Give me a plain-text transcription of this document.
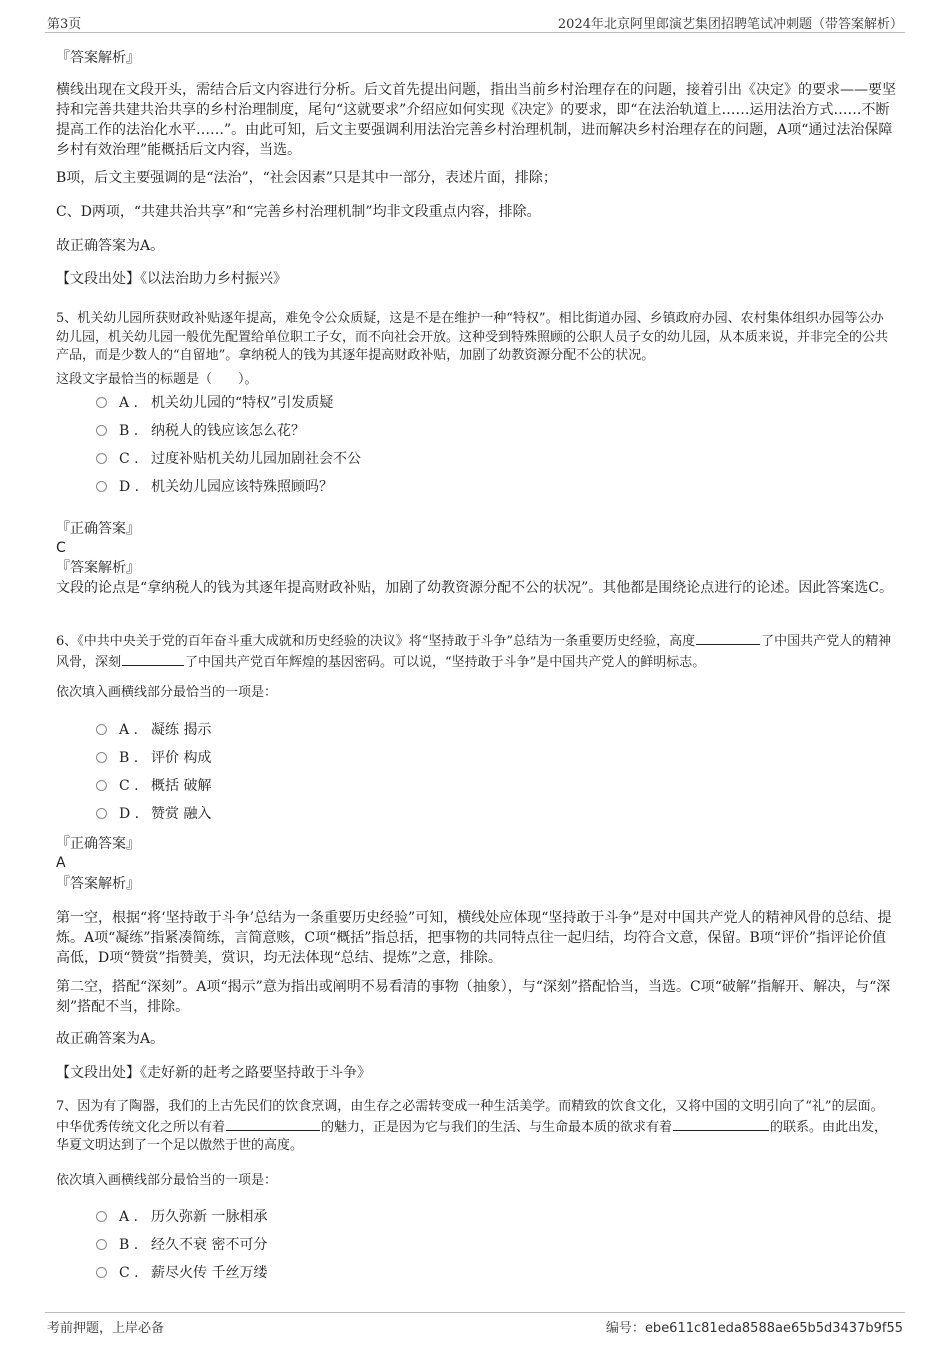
第3页	2024年北京阿里郎演艺集团招聘笔试冲刺题（带答案解析）
『答案解析』
横线出现在文段开头，需结合后文内容进行分析。后文首先提出问题，指出当前乡村治理存在的问题，接着引出《决定》的要求——要坚持和完善共建共治共享的乡村治理制度，尾句“这就要求”介绍应如何实现《决定》的要求，即“在法治轨道上……运用法治方式……不断提高工作的法治化水平……”。由此可知，后文主要强调利用法治完善乡村治理机制，进而解决乡村治理存在的问题，A项“通过法治保障乡村有效治理”能概括后文内容，当选。
B项，后文主要强调的是“法治”，“社会因素”只是其中一部分，表述片面，排除；
C、D两项，“共建共治共享”和“完善乡村治理机制”均非文段重点内容，排除。
故正确答案为A。
【文段出处】《以法治助力乡村振兴》
5、机关幼儿园所获财政补贴逐年提高，难免令公众质疑，这是不是在维护一种“特权”。相比街道办园、乡镇政府办园、农村集体组织办园等公办幼儿园，机关幼儿园一般优先配置给单位职工子女，而不向社会开放。这种受到特殊照顾的公职人员子女的幼儿园，从本质来说，并非完全的公共产品，而是少数人的“自留地”。拿纳税人的钱为其逐年提高财政补贴，加剧了幼教资源分配不公的状况。
这段文字最恰当的标题是（　　）。
A . 机关幼儿园的“特权”引发质疑
B . 纳税人的钱应该怎么花？
C . 过度补贴机关幼儿园加剧社会不公
D . 机关幼儿园应该特殊照顾吗？
『正确答案』
C
『答案解析』
文段的论点是“拿纳税人的钱为其逐年提高财政补贴，加剧了幼教资源分配不公的状况”。其他都是围绕论点进行的论述。因此答案选C。
6、《中共中央关于党的百年奋斗重大成就和历史经验的决议》将“坚持敢于斗争”总结为一条重要历史经验，高度	了中国共产党人的精神风骨，深刻	了中国共产党百年辉煌的基因密码。可以说，“坚持敢于斗争”是中国共产党人的鲜明标志。
依次填入画横线部分最恰当的一项是：
A . 凝练 揭示
B . 评价 构成
C . 概括 破解
D . 赞赏 融入
『正确答案』
A
『答案解析』
第一空，根据“将‘坚持敢于斗争’总结为一条重要历史经验”可知，横线处应体现“坚持敢于斗争”是对中国共产党人的精神风骨的总结、提炼。A项“凝练”指紧凑简练，言简意赅，C项“概括”指总括，把事物的共同特点往一起归结，均符合文意，保留。B项“评价”指评论价值高低，D项“赞赏”指赞美，赏识，均无法体现“总结、提炼”之意，排除。
第二空，搭配“深刻”。A项“揭示”意为指出或阐明不易看清的事物（抽象），与“深刻”搭配恰当，当选。C项“破解”指解开、解决，与“深刻”搭配不当，排除。
故正确答案为A。
【文段出处】《走好新的赶考之路要坚持敢于斗争》
7、因为有了陶器，我们的上古先民们的饮食烹调，由生存之必需转变成一种生活美学。而精致的饮食文化，又将中国的文明引向了“礼”的层面。中华优秀传统文化之所以有着	的魅力，正是因为它与我们的生活、与生命最本质的欲求有着	的联系。由此出发，华夏文明达到了一个足以傲然于世的高度。
依次填入画横线部分最恰当的一项是：
A . 历久弥新 一脉相承
B . 经久不衰 密不可分
C . 薪尽火传 千丝万缕
考前押题，上岸必备	编号：ebe611c81eda8588ae65b5d3437b9f55
